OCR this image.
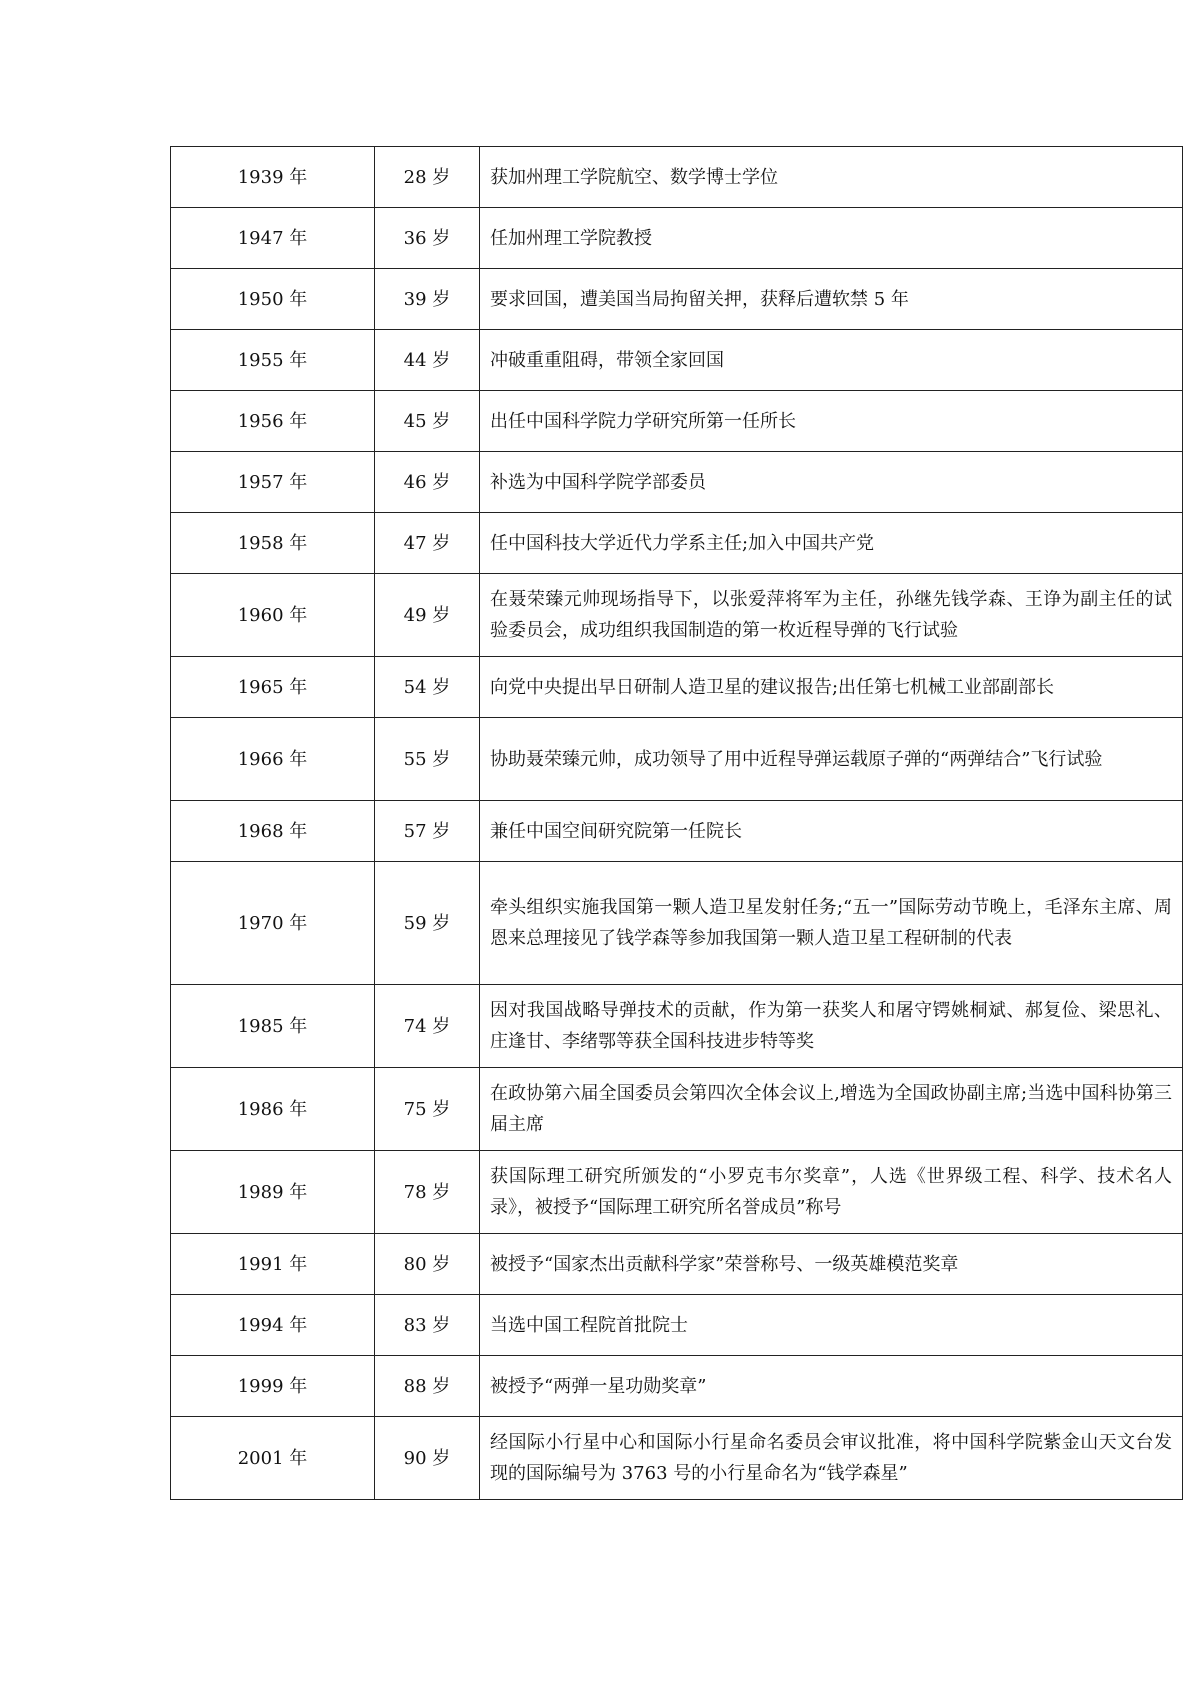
1939 年	28 岁	获加州理工学院航空、数学博士学位
1947 年	36 岁	任加州理工学院教授
1950 年	39 岁	要求回国，遭美国当局拘留关押，获释后遭软禁 5 年
1955 年	44 岁	冲破重重阻碍，带领全家回国
1956 年	45 岁	出任中国科学院力学研究所第一任所长
1957 年	46 岁	补选为中国科学院学部委员
1958 年	47 岁	任中国科技大学近代力学系主任;加入中国共产党
1960 年	49 岁	在聂荣臻元帅现场指导下，以张爱萍将军为主任，孙继先钱学森、王诤为副主任的试验委员会，成功组织我国制造的第一枚近程导弹的飞行试验
1965 年	54 岁	向党中央提出早日研制人造卫星的建议报告;出任第七机械工业部副部长
1966 年	55 岁	协助聂荣臻元帅，成功领导了用中近程导弹运载原子弹的“两弹结合”飞行试验
1968 年	57 岁	兼任中国空间研究院第一任院长
1970 年	59 岁	牵头组织实施我国第一颗人造卫星发射任务;“五一”国际劳动节晚上，毛泽东主席、周恩来总理接见了钱学森等参加我国第一颗人造卫星工程研制的代表
1985 年	74 岁	因对我国战略导弹技术的贡献，作为第一获奖人和屠守锷姚桐斌、郝复俭、梁思礼、庄逢甘、李绪鄂等获全国科技进步特等奖
1986 年	75 岁	在政协第六届全国委员会第四次全体会议上,增选为全国政协副主席;当选中国科协第三届主席
1989 年	78 岁	获国际理工研究所颁发的“小罗克韦尔奖章”，人选《世界级工程、科学、技术名人录》，被授予“国际理工研究所名誉成员”称号
1991 年	80 岁	被授予“国家杰出贡献科学家”荣誉称号、一级英雄模范奖章
1994 年	83 岁	当选中国工程院首批院士
1999 年	88 岁	被授予“两弹一星功勋奖章”
2001 年	90 岁	经国际小行星中心和国际小行星命名委员会审议批准，将中国科学院紫金山天文台发现的国际编号为 3763 号的小行星命名为“钱学森星”
